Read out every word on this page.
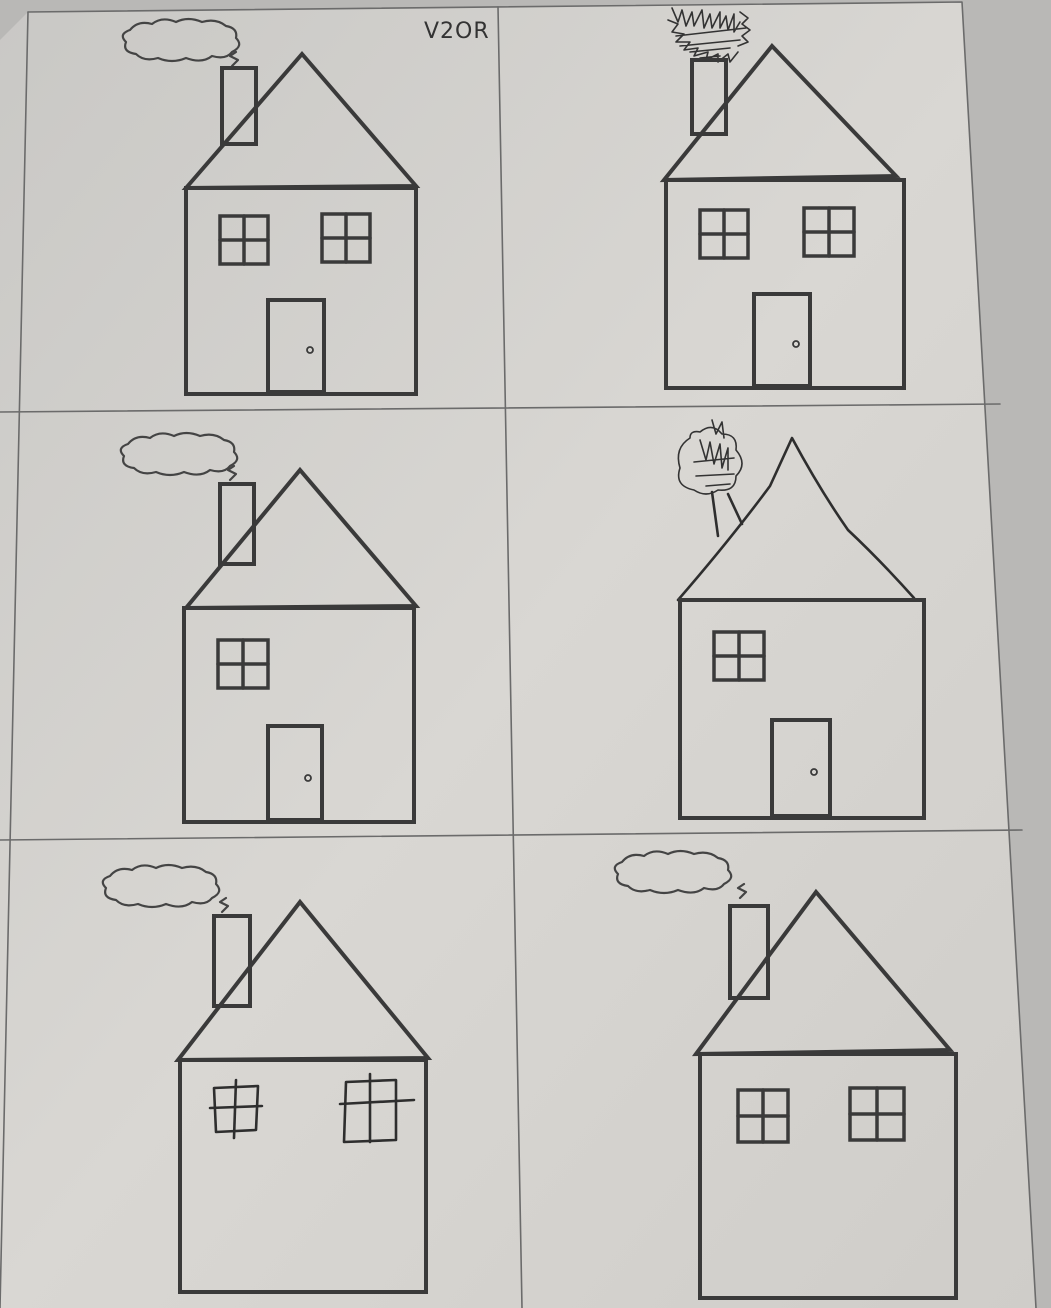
V2OR
